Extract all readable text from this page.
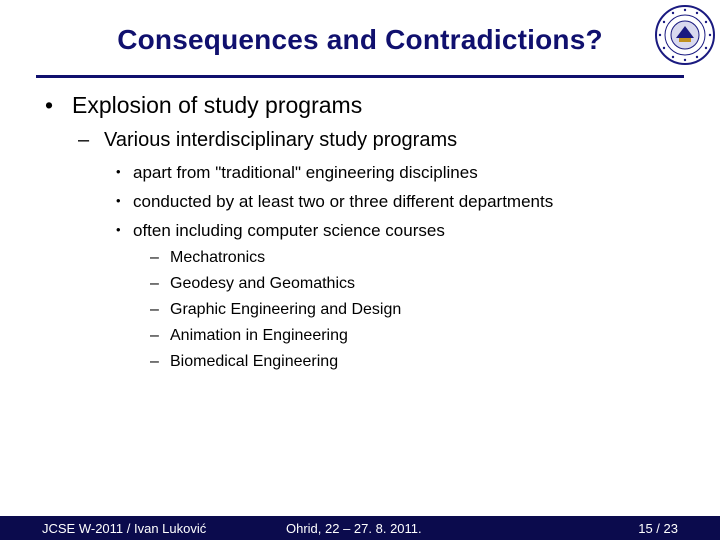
Consequences and Contradictions?
• Explosion of study programs
– Various interdisciplinary study programs
• apart from "traditional" engineering disciplines
• conducted by at least two or three different departments
• often including computer science courses
– Mechatronics
– Geodesy and Geomathics
– Graphic Engineering and Design
– Animation in Engineering
– Biomedical Engineering
JCSE W-2011 / Ivan Luković	Ohrid, 22 – 27. 8. 2011.	15 / 23
